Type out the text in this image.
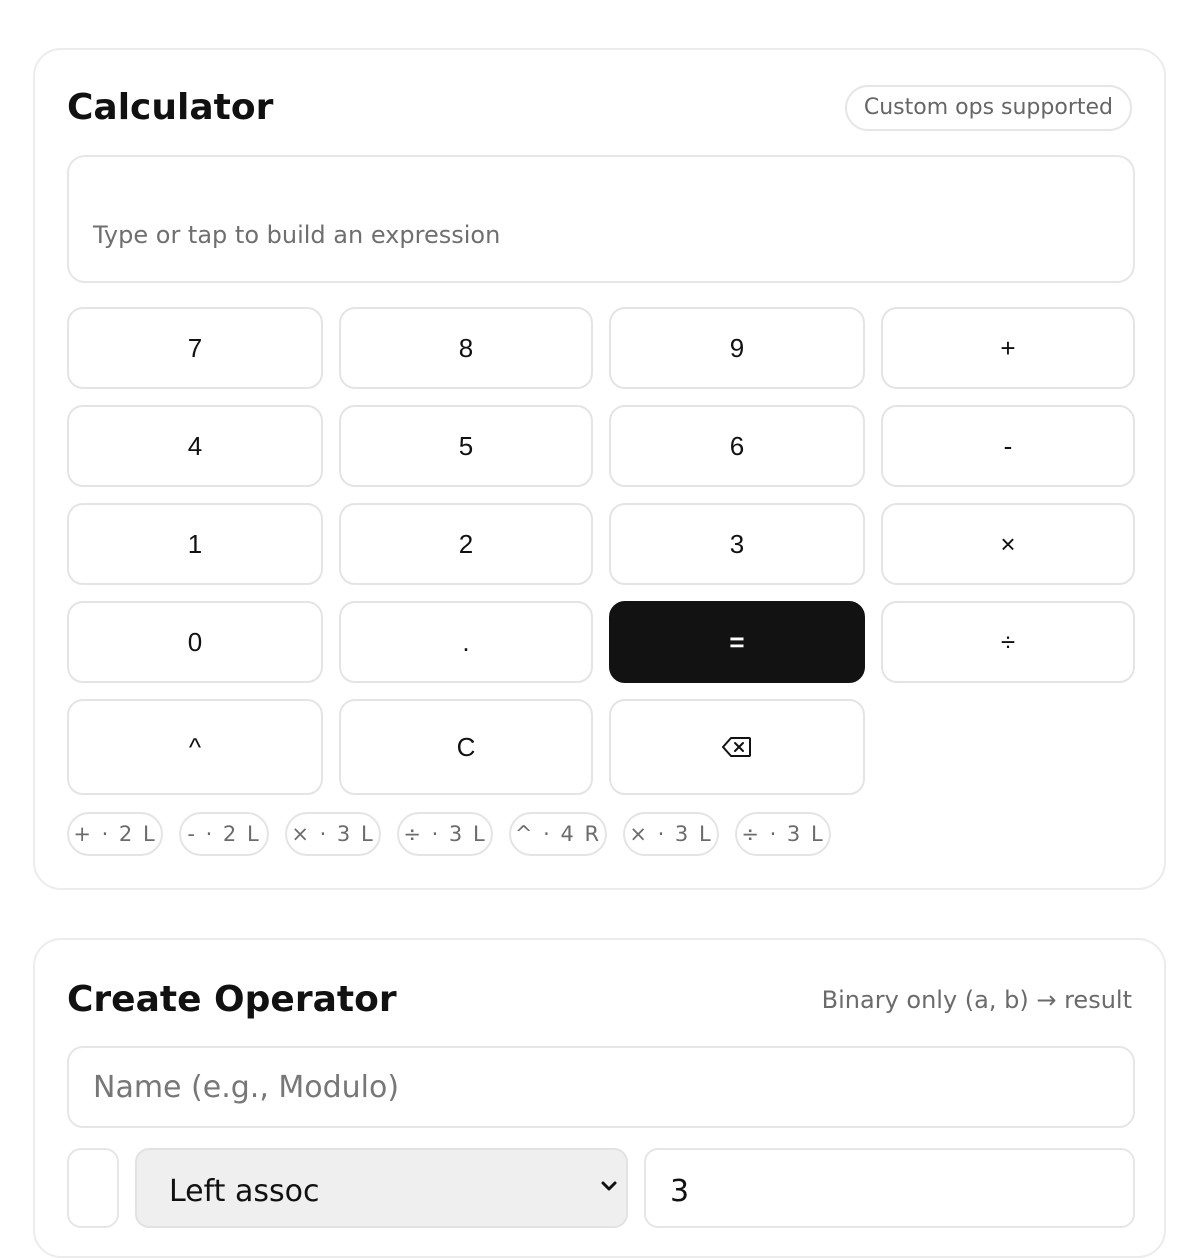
Calculator	Custom ops supported
Type or tap to build an expression
7	8	9	+
4	5	6	-
1	2	3	×
0	.	=	÷
^	C
+ · 2 L	- · 2 L	× · 3 L	÷ · 3 L	^ · 4 R	× · 3 L	÷ · 3 L
Create Operator	Binary only (a, b) → result
Name (e.g., Modulo)
Left assoc	3
